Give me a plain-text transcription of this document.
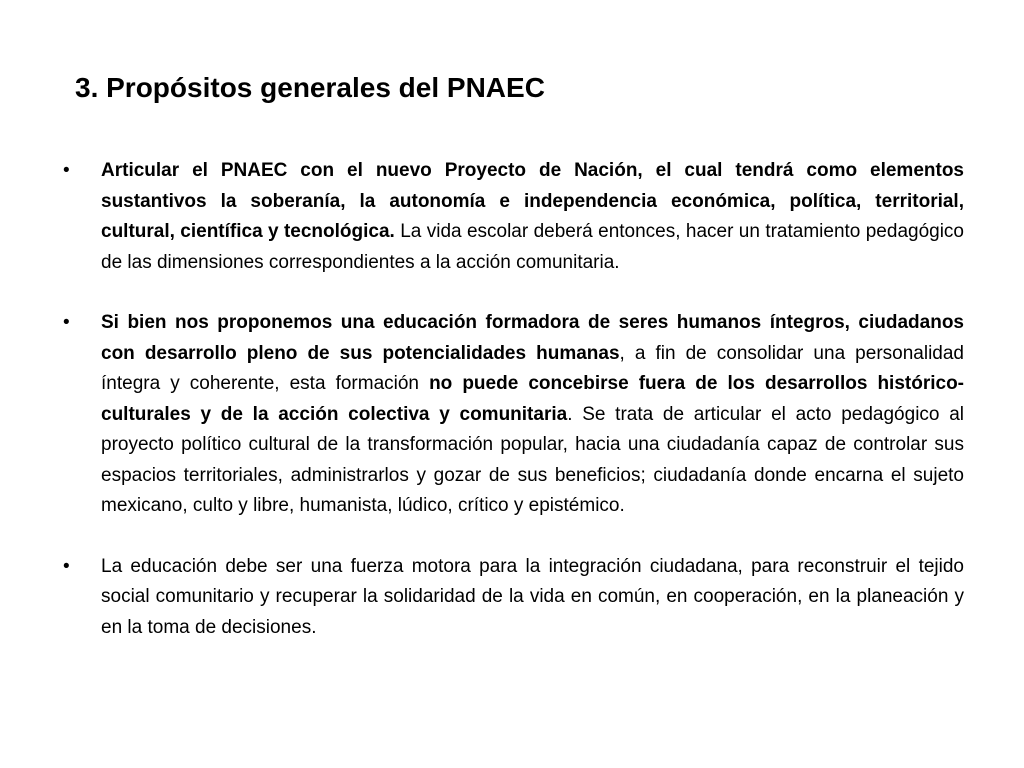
3. Propósitos generales del PNAEC
• Articular el PNAEC con el nuevo Proyecto de Nación, el cual tendrá como elementos sustantivos la soberanía, la autonomía e independencia económica, política, territorial, cultural, científica y tecnológica. La vida escolar deberá entonces, hacer un tratamiento pedagógico de las dimensiones correspondientes a la acción comunitaria.
• Si bien nos proponemos una educación formadora de seres humanos íntegros, ciudadanos con desarrollo pleno de sus potencialidades humanas, a fin de consolidar una personalidad íntegra y coherente, esta formación no puede concebirse fuera de los desarrollos histórico-culturales y de la acción colectiva y comunitaria. Se trata de articular el acto pedagógico al proyecto político cultural de la transformación popular, hacia una ciudadanía capaz de controlar sus espacios territoriales, administrarlos y gozar de sus beneficios; ciudadanía donde encarna el sujeto mexicano, culto y libre, humanista, lúdico, crítico y epistémico.
• La educación debe ser una fuerza motora para la integración ciudadana, para reconstruir el tejido social comunitario y recuperar la solidaridad de la vida en común, en cooperación, en la planeación y en la toma de decisiones.
